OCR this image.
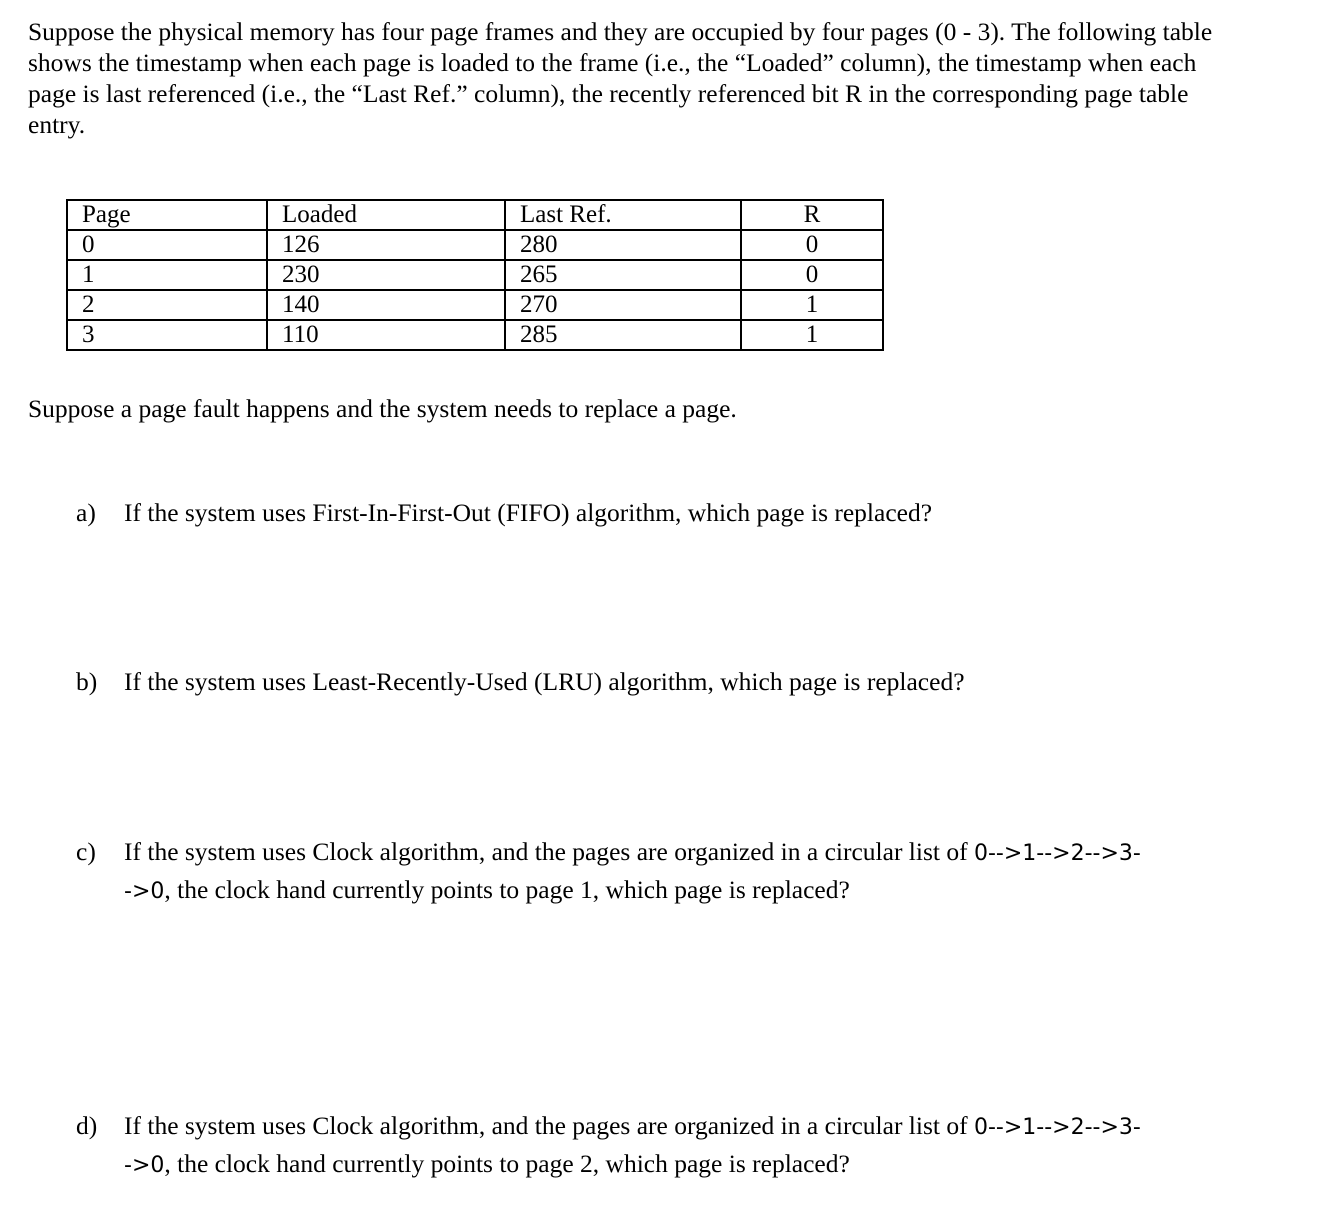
Suppose the physical memory has four page frames and they are occupied by four pages (0 - 3). The following table
shows the timestamp when each page is loaded to the frame (i.e., the “Loaded” column), the timestamp when each
page is last referenced (i.e., the “Last Ref.” column), the recently referenced bit R in the corresponding page table
entry.
Page	Loaded	Last Ref.	R
0	126	280	0
1	230	265	0
2	140	270	1
3	110	285	1
Suppose a page fault happens and the system needs to replace a page.
a) If the system uses First-In-First-Out (FIFO) algorithm, which page is replaced?
b) If the system uses Least-Recently-Used (LRU) algorithm, which page is replaced?
c) If the system uses Clock algorithm, and the pages are organized in a circular list of 0-->1-->2-->3-
->0, the clock hand currently points to page 1, which page is replaced?
d) If the system uses Clock algorithm, and the pages are organized in a circular list of 0-->1-->2-->3-
->0, the clock hand currently points to page 2, which page is replaced?
